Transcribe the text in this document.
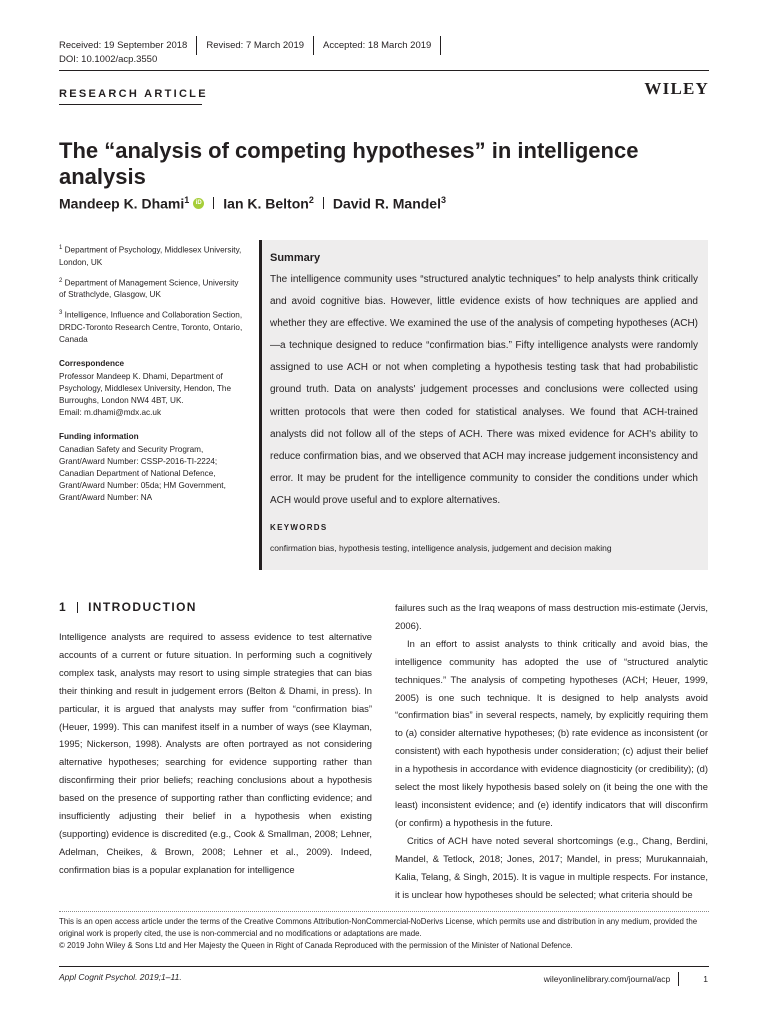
Received: 19 September 2018	Revised: 7 March 2019	Accepted: 18 March 2019
DOI: 10.1002/acp.3550
RESEARCH ARTICLE	WILEY
The “analysis of competing hypotheses” in intelligence analysis
Mandeep K. Dhami$^1$	iD Ian K. Belton$^2$ David R. Mandel$^3$

$^1$ Department of Psychology, Middlesex University, London, UK

$^2$ Department of Management Science, University of Strathclyde, Glasgow, UK

$^3$ Intelligence, Influence and Collaboration Section, DRDC-Toronto Research Centre, Toronto, Ontario, Canada

Correspondence

Professor Mandeep K. Dhami, Department of Psychology, Middlesex University, Hendon, The Burroughs, London NW4 4BT, UK.

Email: m.dhami@mdx.ac.uk

Funding information

Canadian Safety and Security Program, Grant/Award Number: CSSP-2016-TI-2224; Canadian Department of National Defence, Grant/Award Number: 05da; HM Government, Grant/Award Number: NA

Summary
The intelligence community uses “structured analytic techniques” to help analysts think critically and avoid cognitive bias. However, little evidence exists of how techniques are applied and whether they are effective. We examined the use of the analysis of competing hypotheses (ACH)—a technique designed to reduce “confirmation bias.” Fifty intelligence analysts were randomly assigned to use ACH or not when completing a hypothesis testing task that had probabilistic ground truth. Data on analysts' judgement processes and conclusions were collected using written protocols that were then coded for statistical analyses. We found that ACH-trained analysts did not follow all of the steps of ACH. There was mixed evidence for ACH's ability to reduce confirmation bias, and we observed that ACH may increase judgement inconsistency and error. It may be prudent for the intelligence community to consider the conditions under which ACH would prove useful and to explore alternatives.
KEYWORDS
confirmation bias, hypothesis testing, intelligence analysis, judgement and decision making
1 INTRODUCTION

Intelligence analysts are required to assess evidence to test alternative accounts of a current or future situation. In performing such a cognitively complex task, analysts may resort to using simple strategies that can bias their thinking and result in judgement errors (Belton & Dhami, in press). In particular, it is argued that analysts may suffer from “confirmation bias” (Heuer, 1999). This can manifest itself in a number of ways (see Klayman, 1995; Nickerson, 1998). Analysts are often portrayed as not considering alternative hypotheses; searching for evidence supporting rather than disconfirming their prior beliefs; reaching conclusions about a hypothesis based on the presence of supporting rather than conflicting evidence; and insufficiently adjusting their belief in a hypothesis when existing (supporting) evidence is discredited (e.g., Cook & Smallman, 2008; Lehner, Adelman, Cheikes, & Brown, 2008; Lehner et al., 2009). Indeed, confirmation bias is a popular explanation for intelligence

failures such as the Iraq weapons of mass destruction mis-estimate (Jervis, 2006).

In an effort to assist analysts to think critically and avoid bias, the intelligence community has adopted the use of “structured analytic techniques.” The analysis of competing hypotheses (ACH; Heuer, 1999, 2005) is one such technique. It is designed to help analysts avoid “confirmation bias” in several respects, namely, by explicitly requiring them to (a) consider alternative hypotheses; (b) rate evidence as inconsistent (or consistent) with each hypothesis under consideration; (c) adjust their belief in a hypothesis in accordance with evidence diagnosticity (or credibility); (d) select the most likely hypothesis based solely on (it being the one with the least) inconsistent evidence; and (e) identify indicators that will disconfirm (or confirm) a hypothesis in the future.

Critics of ACH have noted several shortcomings (e.g., Chang, Berdini, Mandel, & Tetlock, 2018; Jones, 2017; Mandel, in press; Murukannaiah, Kalia, Telang, & Singh, 2015). It is vague in multiple respects. For instance, it is unclear how hypotheses should be selected; what criteria should be

This is an open access article under the terms of the Creative Commons Attribution-NonCommercial-NoDerivs License, which permits use and distribution in any medium, provided the original work is properly cited, the use is non-commercial and no modifications or adaptations are made.
© 2019 John Wiley & Sons Ltd and Her Majesty the Queen in Right of Canada Reproduced with the permission of the Minister of National Defence.
Appl Cognit Psychol. 2019;1–11.	wileyonlinelibrary.com/journal/acp	1
